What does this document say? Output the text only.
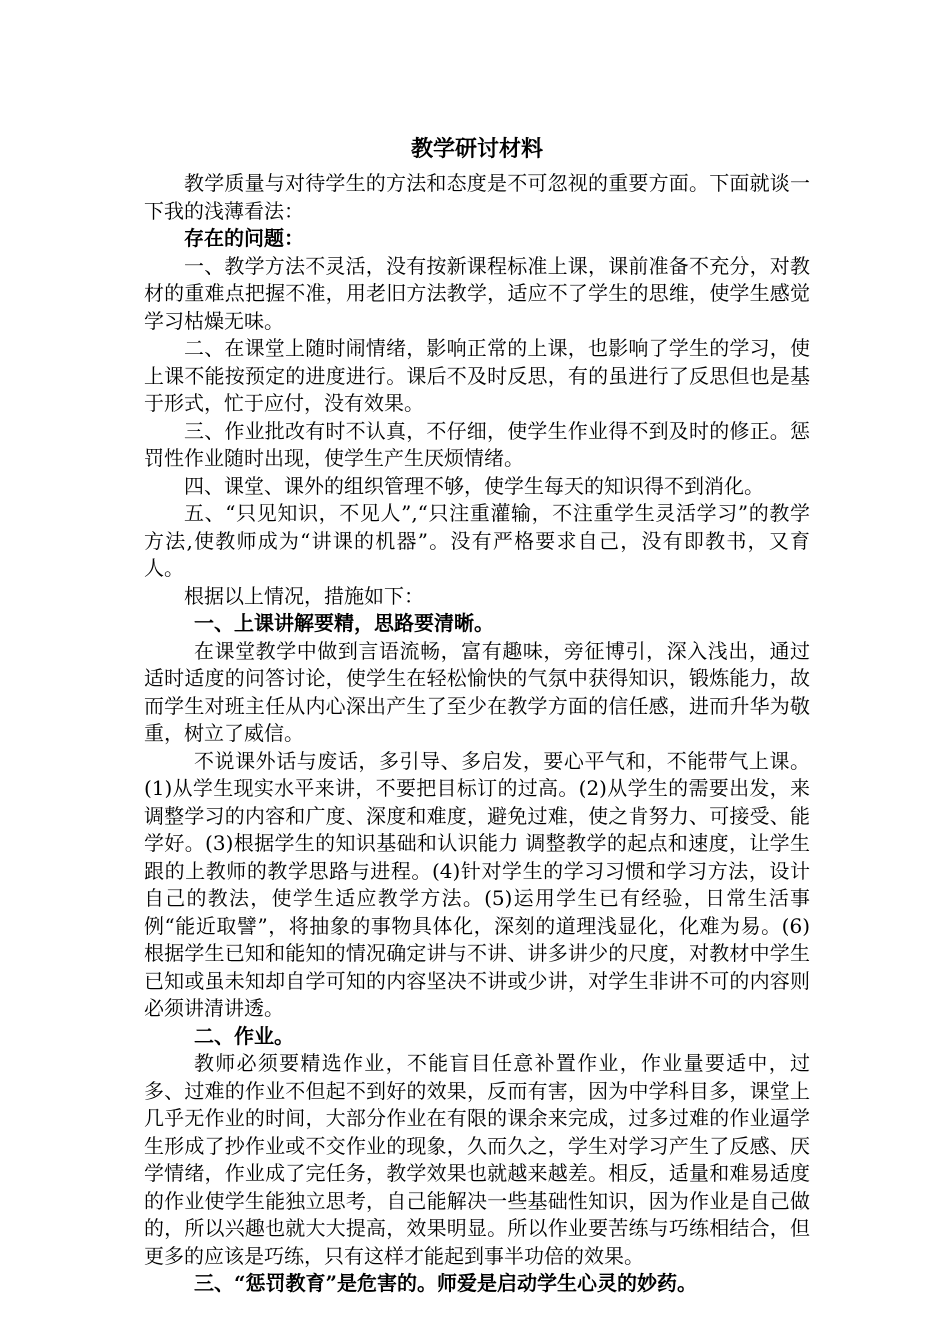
教学研讨材料

教学质量与对待学生的方法和态度是不可忽视的重要方面。下面就谈一下我的浅薄看法：

存在的问题：

一、教学方法不灵活，没有按新课程标准上课，课前准备不充分，对教材的重难点把握不准，用老旧方法教学，适应不了学生的思维，使学生感觉学习枯燥无味。

二、在课堂上随时闹情绪，影响正常的上课，也影响了学生的学习，使上课不能按预定的进度进行。课后不及时反思，有的虽进行了反思但也是基于形式，忙于应付，没有效果。

三、作业批改有时不认真，不仔细，使学生作业得不到及时的修正。惩罚性作业随时出现，使学生产生厌烦情绪。

四、课堂、课外的组织管理不够，使学生每天的知识得不到消化。

五、“只见知识，不见人”,“只注重灌输，不注重学生灵活学习”的教学方法,使教师成为“讲课的机器”。没有严格要求自己，没有即教书，又育人。

根据以上情况，措施如下：

一、上课讲解要精，思路要清晰。

在课堂教学中做到言语流畅，富有趣味，旁征博引，深入浅出，通过适时适度的问答讨论，使学生在轻松愉快的气氛中获得知识，锻炼能力，故而学生对班主任从内心深出产生了至少在教学方面的信任感，进而升华为敬重，树立了威信。

不说课外话与废话，多引导、多启发，要心平气和，不能带气上课。(1)从学生现实水平来讲，不要把目标订的过高。(2)从学生的需要出发，来调整学习的内容和广度、深度和难度，避免过难，使之肯努力、可接受、能学好。(3)根据学生的知识基础和认识能力 调整教学的起点和速度，让学生跟的上教师的教学思路与进程。(4)针对学生的学习习惯和学习方法，设计自己的教法，使学生适应教学方法。(5)运用学生已有经验，日常生活事例“能近取譬”，将抽象的事物具体化，深刻的道理浅显化，化难为易。(6)根据学生已知和能知的情况确定讲与不讲、讲多讲少的尺度，对教材中学生已知或虽未知却自学可知的内容坚决不讲或少讲，对学生非讲不可的内容则必须讲清讲透。

二、作业。

教师必须要精选作业，不能盲目任意补置作业，作业量要适中，过多、过难的作业不但起不到好的效果，反而有害，因为中学科目多，课堂上几乎无作业的时间，大部分作业在有限的课余来完成，过多过难的作业逼学生形成了抄作业或不交作业的现象，久而久之，学生对学习产生了反感、厌学情绪，作业成了完任务，教学效果也就越来越差。相反，适量和难易适度的作业使学生能独立思考，自己能解决一些基础性知识，因为作业是自己做的，所以兴趣也就大大提高，效果明显。所以作业要苦练与巧练相结合，但更多的应该是巧练，只有这样才能起到事半功倍的效果。

三、“惩罚教育”是危害的。师爱是启动学生心灵的妙药。
